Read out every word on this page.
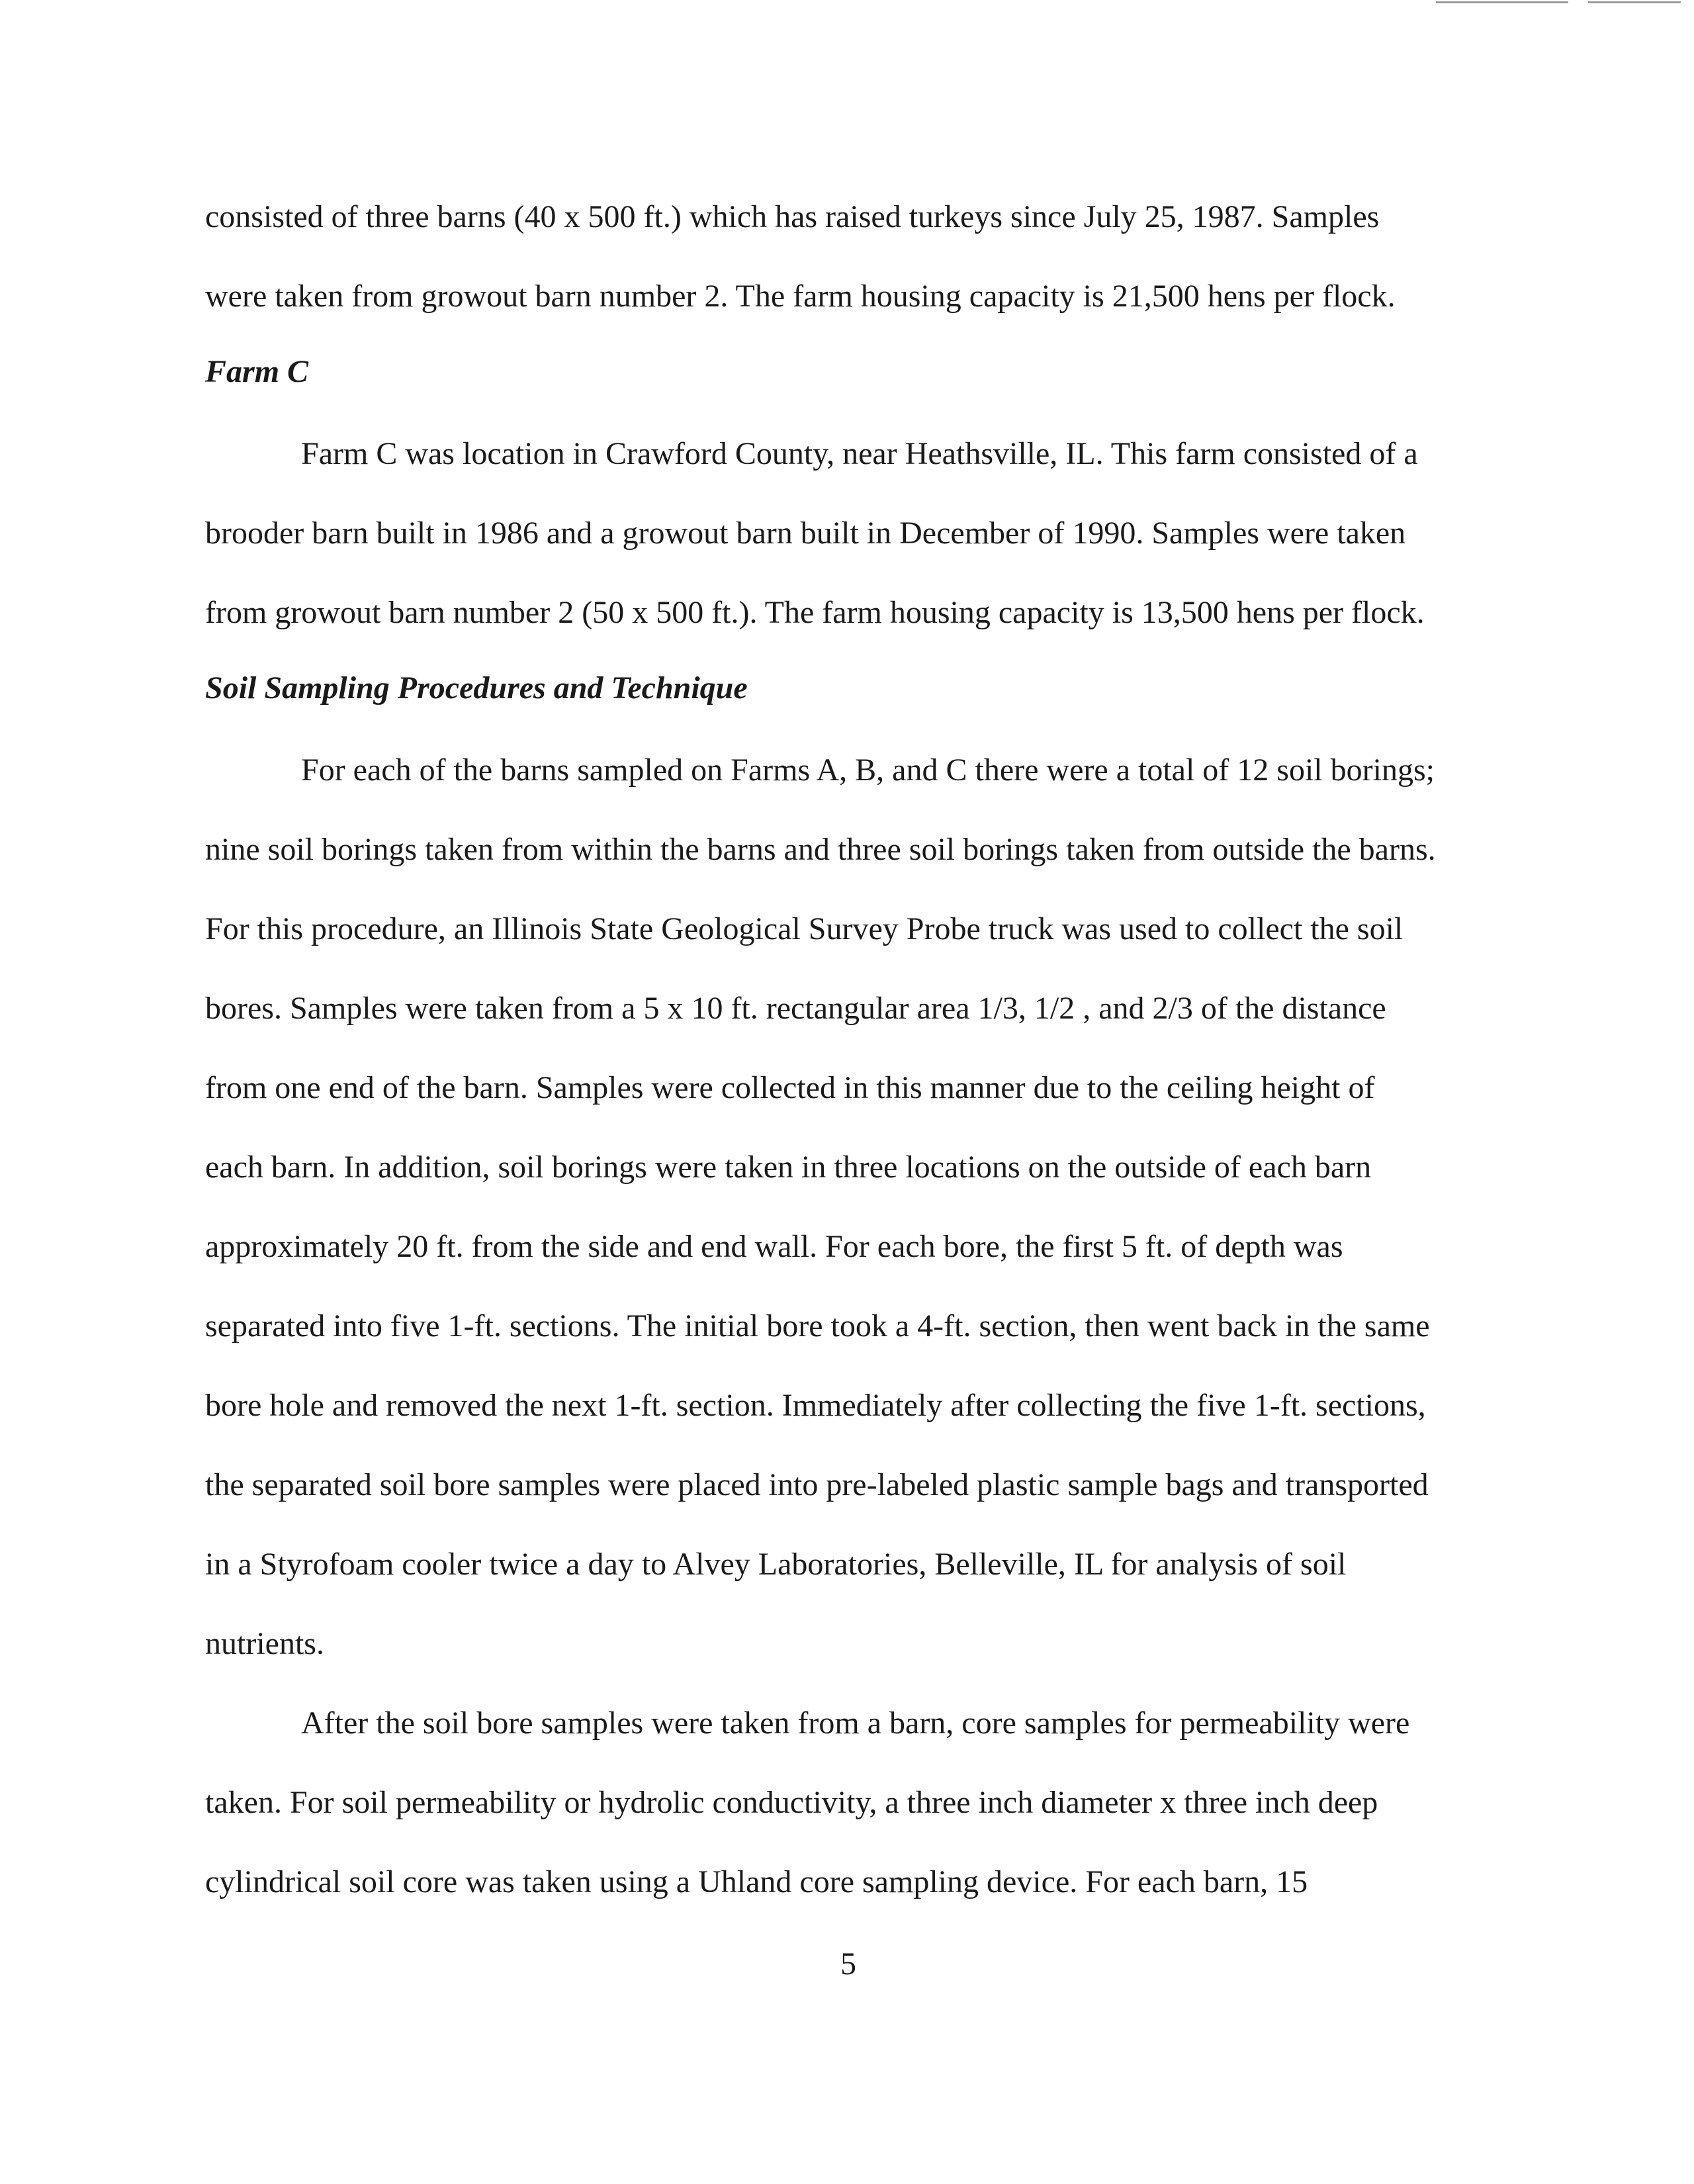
consisted of three barns (40 x 500 ft.) which has raised turkeys since July 25, 1987. Samples
were taken from growout barn number 2. The farm housing capacity is 21,500 hens per flock.
Farm C
Farm C was location in Crawford County, near Heathsville, IL. This farm consisted of a
brooder barn built in 1986 and a growout barn built in December of 1990. Samples were taken
from growout barn number 2 (50 x 500 ft.). The farm housing capacity is 13,500 hens per flock.
Soil Sampling Procedures and Technique
For each of the barns sampled on Farms A, B, and C there were a total of 12 soil borings;
nine soil borings taken from within the barns and three soil borings taken from outside the barns.
For this procedure, an Illinois State Geological Survey Probe truck was used to collect the soil
bores. Samples were taken from a 5 x 10 ft. rectangular area 1/3, 1/2 , and 2/3 of the distance
from one end of the barn. Samples were collected in this manner due to the ceiling height of
each barn. In addition, soil borings were taken in three locations on the outside of each barn
approximately 20 ft. from the side and end wall. For each bore, the first 5 ft. of depth was
separated into five 1-ft. sections. The initial bore took a 4-ft. section, then went back in the same
bore hole and removed the next 1-ft. section. Immediately after collecting the five 1-ft. sections,
the separated soil bore samples were placed into pre-labeled plastic sample bags and transported
in a Styrofoam cooler twice a day to Alvey Laboratories, Belleville, IL for analysis of soil
nutrients.
After the soil bore samples were taken from a barn, core samples for permeability were
taken. For soil permeability or hydrolic conductivity, a three inch diameter x three inch deep
cylindrical soil core was taken using a Uhland core sampling device. For each barn, 15
5
